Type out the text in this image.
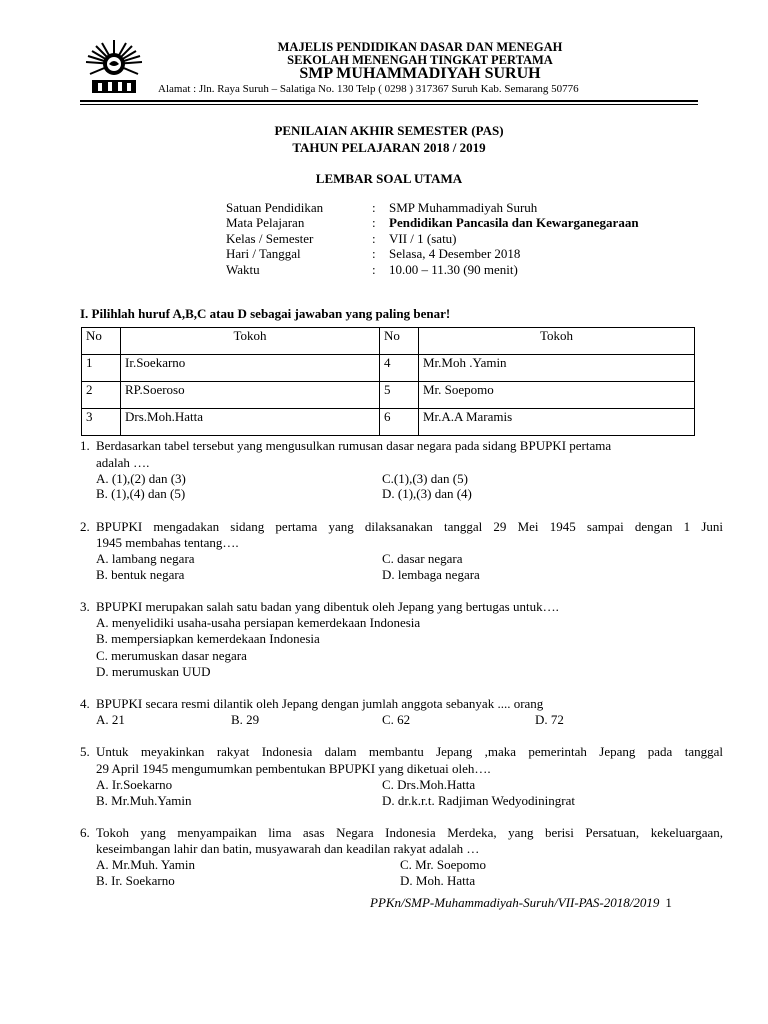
MAJELIS PENDIDIKAN DASAR DAN MENEGAH
SEKOLAH MENENGAH TINGKAT PERTAMA
SMP MUHAMMADIYAH SURUH
Alamat : Jln. Raya Suruh – Salatiga No. 130 Telp ( 0298 ) 317367 Suruh Kab. Semarang 50776
PENILAIAN AKHIR SEMESTER (PAS)
TAHUN PELAJARAN 2018 / 2019
LEMBAR SOAL UTAMA
Satuan Pendidikan	: SMP Muhammadiyah Suruh
Mata Pelajaran	: Pendidikan Pancasila dan Kewarganegaraan
Kelas / Semester	: VII / 1 (satu)
Hari / Tanggal	: Selasa, 4 Desember 2018
Waktu	: 10.00 – 11.30 (90 menit)
I. Pilihlah huruf A,B,C atau D sebagai jawaban yang paling benar!
No	Tokoh	No	Tokoh
1	Ir.Soekarno	4	Mr.Moh .Yamin
2	RP.Soeroso	5	Mr. Soepomo
3	Drs.Moh.Hatta	6	Mr.A.A Maramis
1. Berdasarkan tabel tersebut yang mengusulkan rumusan dasar negara pada sidang BPUPKI pertama
adalah ….
A. (1),(2) dan (3)	C.(1),(3) dan (5)
B. (1),(4) dan (5)	D. (1),(3) dan (4)
2. BPUPKI mengadakan sidang pertama yang dilaksanakan tanggal 29 Mei 1945 sampai dengan 1 Juni
1945 membahas tentang….
A. lambang negara	C. dasar negara
B. bentuk negara	D. lembaga negara
3. BPUPKI merupakan salah satu badan yang dibentuk oleh Jepang yang bertugas untuk….
A. menyelidiki usaha-usaha persiapan kemerdekaan Indonesia
B. mempersiapkan kemerdekaan Indonesia
C. merumuskan dasar negara
D. merumuskan UUD
4. BPUPKI secara resmi dilantik oleh Jepang dengan jumlah anggota sebanyak .... orang
A. 21	B. 29	C. 62	D. 72
5. Untuk meyakinkan rakyat Indonesia dalam membantu Jepang ,maka pemerintah Jepang pada tanggal
29 April 1945 mengumumkan pembentukan BPUPKI yang diketuai oleh….
A. Ir.Soekarno	C. Drs.Moh.Hatta
B. Mr.Muh.Yamin	D. dr.k.r.t. Radjiman Wedyodiningrat
6. Tokoh yang menyampaikan lima asas Negara Indonesia Merdeka, yang berisi Persatuan, kekeluargaan,
keseimbangan lahir dan batin, musyawarah dan keadilan rakyat adalah …
A. Mr.Muh. Yamin	C. Mr. Soepomo
B. Ir. Soekarno	D. Moh. Hatta
PPKn/SMP-Muhammadiyah-Suruh/VII-PAS-2018/2019 1
